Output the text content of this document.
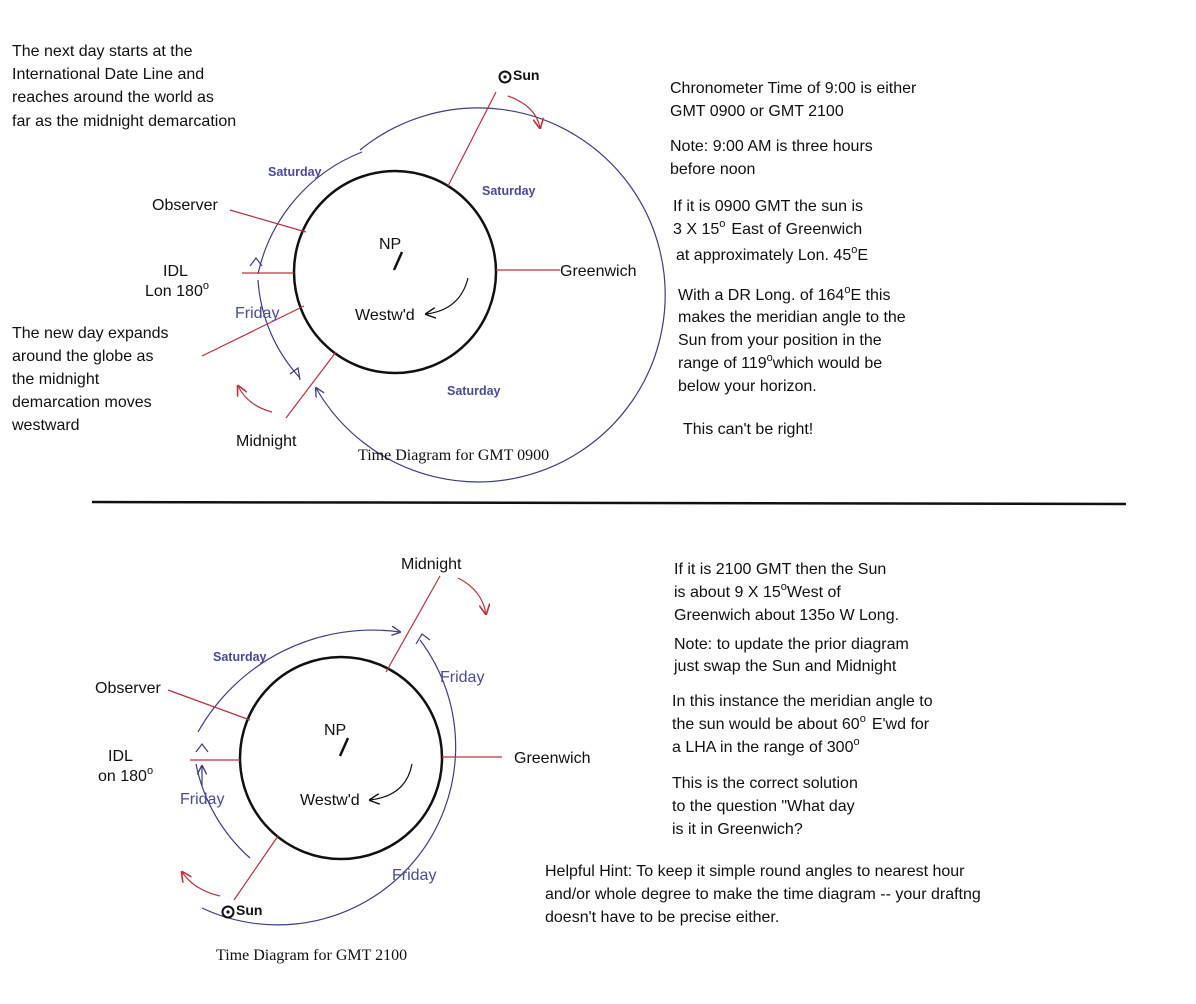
NP
Westw'd
Sun
Observer
IDL
Lon 180$^o$
Greenwich
Midnight
Saturday
Saturday
Saturday
Friday
Time Diagram for GMT 0900
The next day starts at the
International Date Line and
reaches around the world as
far as the midnight demarcation
The new day expands
around the globe as
the midnight
demarcation moves
westward
Chronometer Time of 9:00 is either
GMT 0900 or GMT 2100
Note: 9:00 AM is three hours
before noon
If it is 0900 GMT the sun is
3 X 15$^o$ East of Greenwich
at approximately Lon. 45$^o$E
With a DR Long. of 164$^o$E this
makes the meridian angle to the
Sun from your position in the
range of 119$^o$which would be
below your horizon.
This can't be right!
NP
Westw'd
Sun
Midnight
Observer
IDL
on 180$^o$
Greenwich
Saturday
Friday
Friday
Friday
Time Diagram for GMT 2100
If it is 2100 GMT then the Sun
is about 9 X 15$^o$West of
Greenwich about 135o W Long.
Note: to update the prior diagram
just swap the Sun and Midnight
In this instance the meridian angle to
the sun would be about 60$^o$ E'wd for
a LHA in the range of 300$^o$
This is the correct solution
to the question "What day
is it in Greenwich?
Helpful Hint: To keep it simple round angles to nearest hour
and/or whole degree to make the time diagram -- your draftng
doesn't have to be precise either.
